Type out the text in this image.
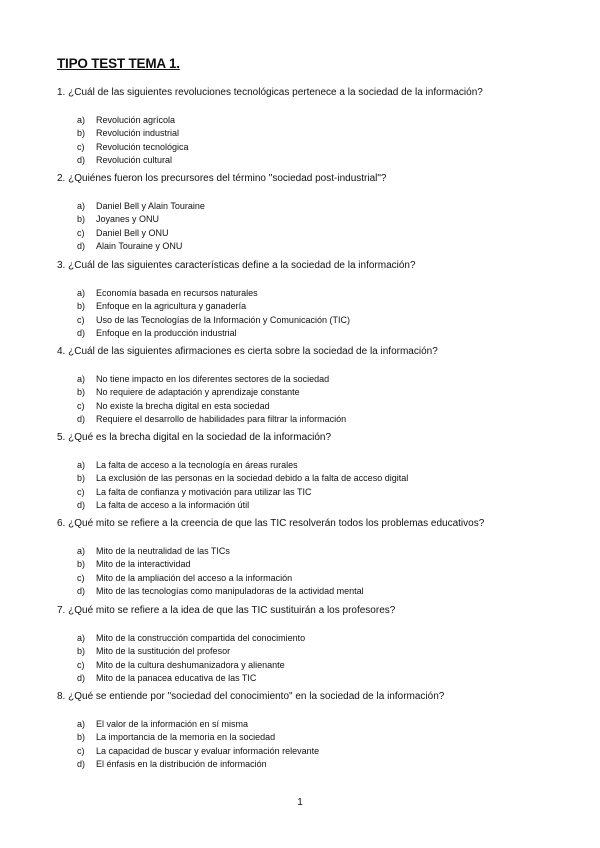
TIPO TEST TEMA 1.
1. ¿Cuál de las siguientes revoluciones tecnológicas pertenece a la sociedad de la información?
a)	Revolución agrícola
b)	Revolución industrial
c)	Revolución tecnológica
d)	Revolución cultural
2. ¿Quiénes fueron los precursores del término "sociedad post-industrial"?
a)	Daniel Bell y Alain Touraine
b)	Joyanes y ONU
c)	Daniel Bell y ONU
d)	Alain Touraine y ONU
3. ¿Cuál de las siguientes características define a la sociedad de la información?
a)	Economía basada en recursos naturales
b)	Enfoque en la agricultura y ganadería
c)	Uso de las Tecnologías de la Información y Comunicación (TIC)
d)	Enfoque en la producción industrial
4. ¿Cuál de las siguientes afirmaciones es cierta sobre la sociedad de la información?
a)	No tiene impacto en los diferentes sectores de la sociedad
b)	No requiere de adaptación y aprendizaje constante
c)	No existe la brecha digital en esta sociedad
d)	Requiere el desarrollo de habilidades para filtrar la información
5. ¿Qué es la brecha digital en la sociedad de la información?
a)	La falta de acceso a la tecnología en áreas rurales
b)	La exclusión de las personas en la sociedad debido a la falta de acceso digital
c)	La falta de confianza y motivación para utilizar las TIC
d)	La falta de acceso a la información útil
6. ¿Qué mito se refiere a la creencia de que las TIC resolverán todos los problemas educativos?
a)	Mito de la neutralidad de las TICs
b)	Mito de la interactividad
c)	Mito de la ampliación del acceso a la información
d)	Mito de las tecnologías como manipuladoras de la actividad mental
7. ¿Qué mito se refiere a la idea de que las TIC sustituirán a los profesores?
a)	Mito de la construcción compartida del conocimiento
b)	Mito de la sustitución del profesor
c)	Mito de la cultura deshumanizadora y alienante
d)	Mito de la panacea educativa de las TIC
8. ¿Qué se entiende por "sociedad del conocimiento" en la sociedad de la información?
a)	El valor de la información en sí misma
b)	La importancia de la memoria en la sociedad
c)	La capacidad de buscar y evaluar información relevante
d)	El énfasis en la distribución de información
1
